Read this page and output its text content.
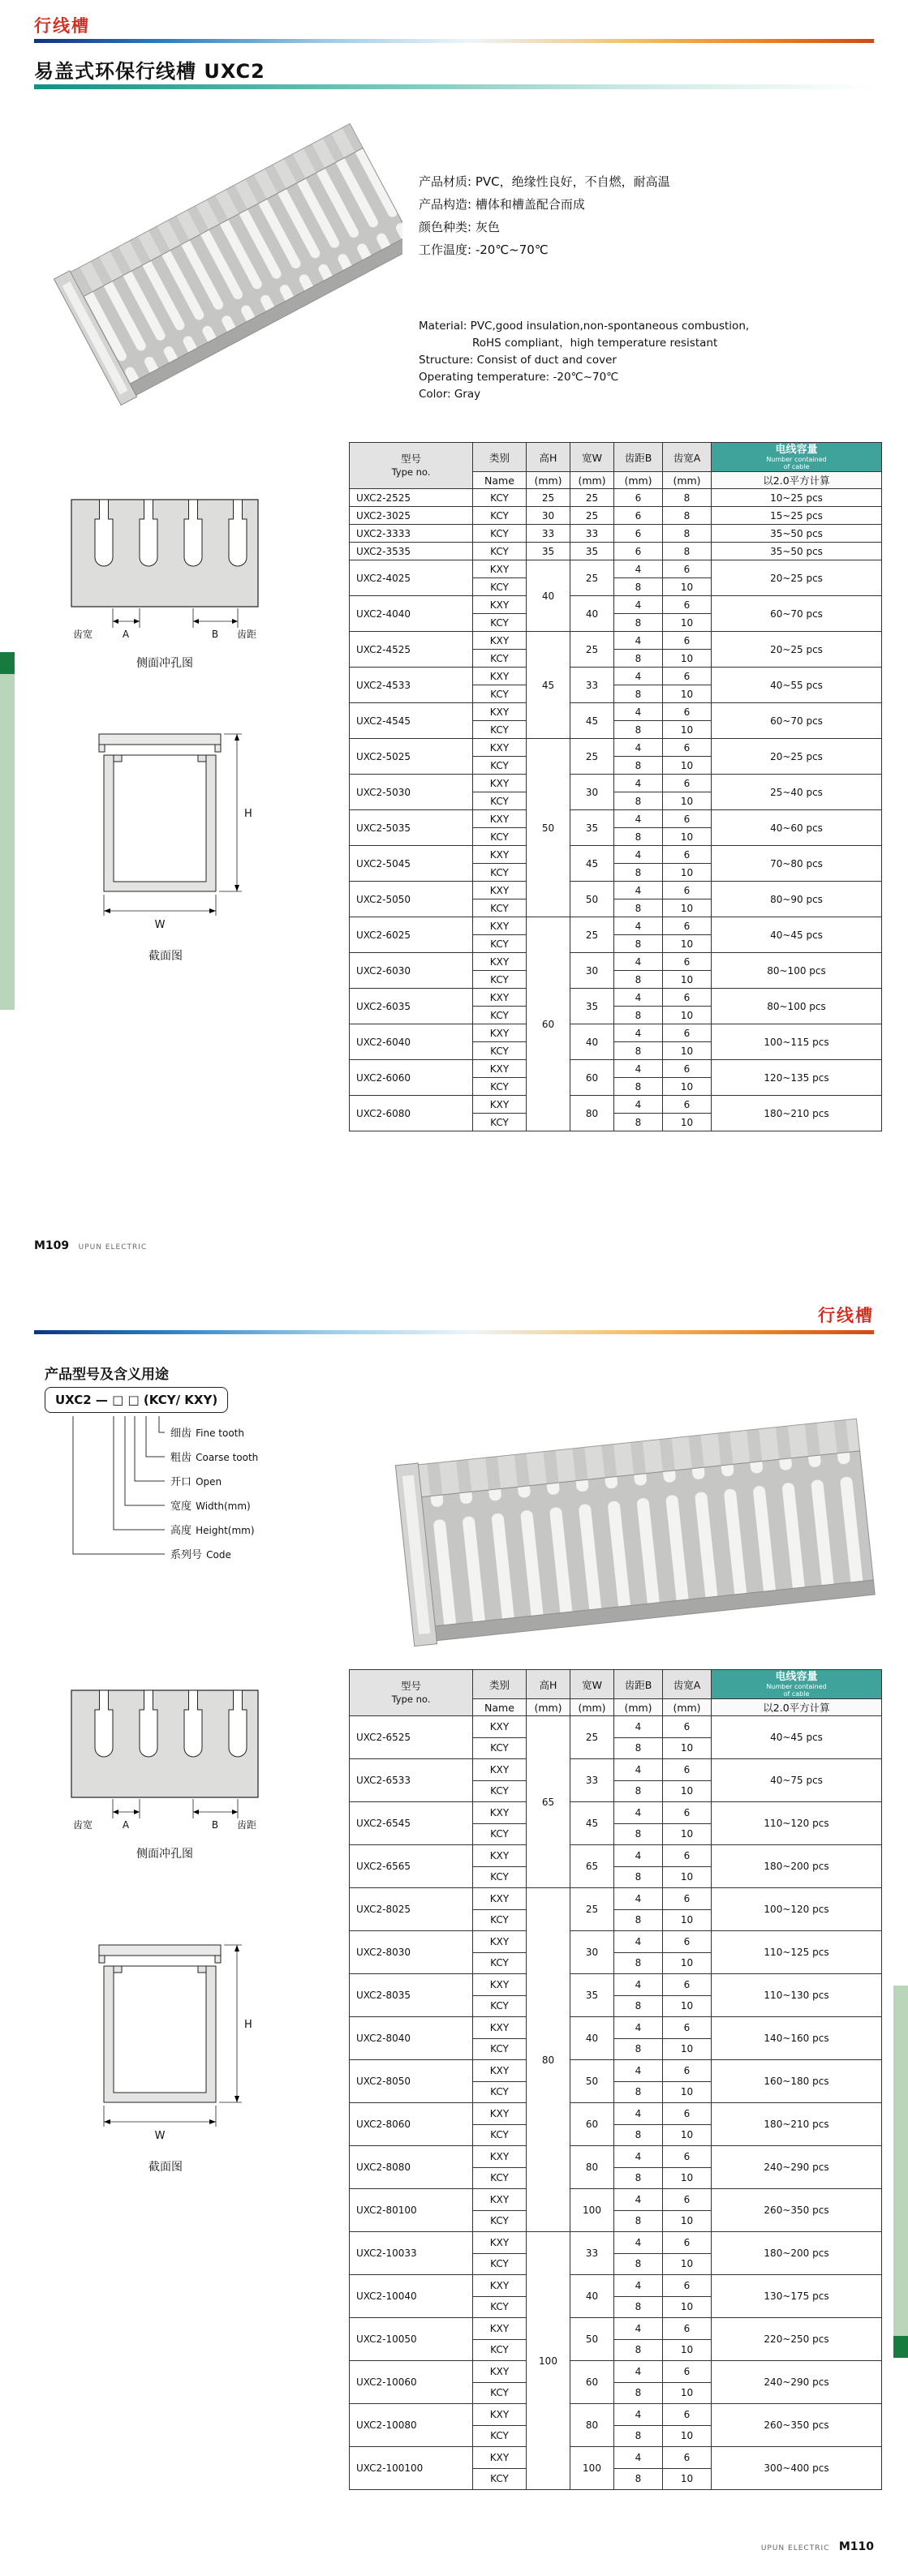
行线槽
易盖式环保行线槽 UXC2
产品材质: PVC，绝缘性良好，不自燃，耐高温
产品构造: 槽体和槽盖配合而成
颜色种类: 灰色
工作温度: -20℃~70℃
Material: PVC,good insulation,non-spontaneous combustion,
RoHS compliant，high temperature resistant
Structure: Consist of duct and cover
Operating temperature: -20℃~70℃
Color: Gray
齿宽	A	B 齿距
侧面冲孔图
H
W
截面图
型号
Type no.
	类别	高H	宽W	齿距B	齿宽A	
电线容量
Number contained
of cable

	Name	(mm)	(mm)	(mm)	(mm)	以2.0平方计算
UXC2-2525	KCY	25	25	6	8	10~25 pcs
UXC2-3025	KCY	30	25	6	8	15~25 pcs
UXC2-3333	KCY	33	33	6	8	35~50 pcs
UXC2-3535	KCY	35	35	6	8	35~50 pcs
UXC2-4025	KXY	40	25	4	6	20~25 pcs
	KCY			8	10	
UXC2-4040	KXY		40	4	6	60~70 pcs
	KCY			8	10	
UXC2-4525	KXY	45	25	4	6	20~25 pcs
	KCY			8	10	
UXC2-4533	KXY		33	4	6	40~55 pcs
	KCY			8	10	
UXC2-4545	KXY		45	4	6	60~70 pcs
	KCY			8	10	
UXC2-5025	KXY	50	25	4	6	20~25 pcs
	KCY			8	10	
UXC2-5030	KXY		30	4	6	25~40 pcs
	KCY			8	10	
UXC2-5035	KXY		35	4	6	40~60 pcs
	KCY			8	10	
UXC2-5045	KXY		45	4	6	70~80 pcs
	KCY			8	10	
UXC2-5050	KXY		50	4	6	80~90 pcs
	KCY			8	10	
UXC2-6025	KXY	60	25	4	6	40~45 pcs
	KCY			8	10	
UXC2-6030	KXY		30	4	6	80~100 pcs
	KCY			8	10	
UXC2-6035	KXY		35	4	6	80~100 pcs
	KCY			8	10	
UXC2-6040	KXY		40	4	6	100~115 pcs
	KCY			8	10	
UXC2-6060	KXY		60	4	6	120~135 pcs
	KCY			8	10	
UXC2-6080	KXY		80	4	6	180~210 pcs
	KCY			8	10	
M109 UPUN ELECTRIC
行线槽
产品型号及含义用途
UXC2 — □ □ (KCY/ KXY)
细齿 Fine tooth
粗齿 Coarse tooth
开口 Open
宽度 Width(mm)
高度 Height(mm)
系列号 Code
齿宽	A	B 齿距
侧面冲孔图
H
W
截面图
型号
Type no.
	类别	高H	宽W	齿距B	齿宽A	
电线容量
Number contained
of cable

	Name	(mm)	(mm)	(mm)	(mm)	以2.0平方计算
UXC2-6525	KXY	65	25	4	6	40~45 pcs
	KCY			8	10	
UXC2-6533	KXY		33	4	6	40~75 pcs
	KCY			8	10	
UXC2-6545	KXY		45	4	6	110~120 pcs
	KCY			8	10	
UXC2-6565	KXY		65	4	6	180~200 pcs
	KCY			8	10	
UXC2-8025	KXY	80	25	4	6	100~120 pcs
	KCY			8	10	
UXC2-8030	KXY		30	4	6	110~125 pcs
	KCY			8	10	
UXC2-8035	KXY		35	4	6	110~130 pcs
	KCY			8	10	
UXC2-8040	KXY		40	4	6	140~160 pcs
	KCY			8	10	
UXC2-8050	KXY		50	4	6	160~180 pcs
	KCY			8	10	
UXC2-8060	KXY		60	4	6	180~210 pcs
	KCY			8	10	
UXC2-8080	KXY		80	4	6	240~290 pcs
	KCY			8	10	
UXC2-80100	KXY		100	4	6	260~350 pcs
	KCY			8	10	
UXC2-10033	KXY	100	33	4	6	180~200 pcs
	KCY			8	10	
UXC2-10040	KXY		40	4	6	130~175 pcs
	KCY			8	10	
UXC2-10050	KXY		50	4	6	220~250 pcs
	KCY			8	10	
UXC2-10060	KXY		60	4	6	240~290 pcs
	KCY			8	10	
UXC2-10080	KXY		80	4	6	260~350 pcs
	KCY			8	10	
UXC2-100100	KXY		100	4	6	300~400 pcs
	KCY			8	10	
UPUN ELECTRIC M110
